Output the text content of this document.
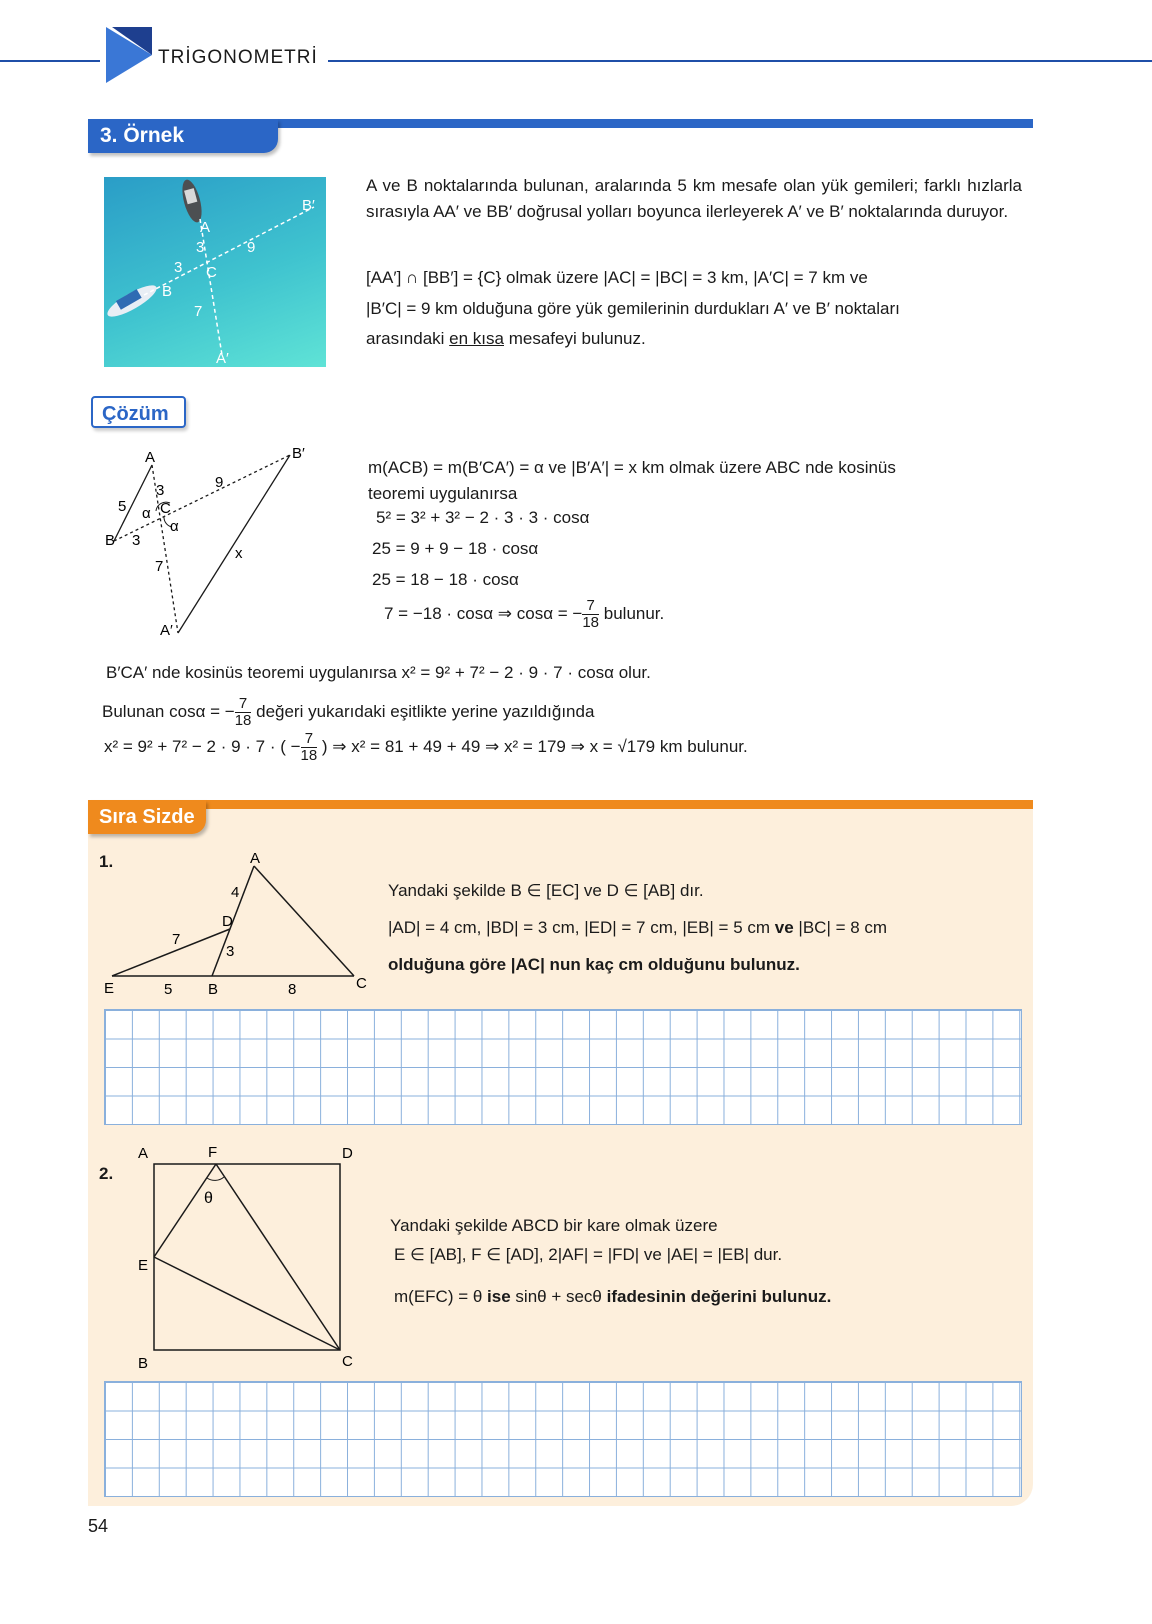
TRİGONOMETRİ
3. Örnek
A
3	9
3 C
B
7
A′
B′
A ve B noktalarında bulunan, aralarında 5 km mesafe olan yük gemileri; farklı hızlarla sırasıyla AA′ ve BB′ doğrusal yolları boyunca ilerleyerek A′ ve B′ noktalarında duruyor.
[AA′] ∩ [BB′] = {C} olmak üzere |AC| = |BC| = 3 km, |A′C| = 7 km ve
|B′C| = 9 km olduğuna göre yük gemilerinin durdukları A′ ve B′ noktaları
arasındaki en kısa mesafeyi bulunuz.
Çözüm
A
5
3	9
α C
α
B 3
x
7
A′
B′
m(ACB) = m(B′CA′) = α ve |B′A′| = x km olmak üzere ABC nde kosinüs
teoremi uygulanırsa
5² = 3² + 3² − 2 · 3 · 3 · cosα
25 = 9 + 9 − 18 · cosα
25 = 18 − 18 · cosα
7 = −18 · cosα ⇒ cosα = − $\frac{7}{18}$ bulunur.
B′CA′ nde kosinüs teoremi uygulanırsa x² = 9² + 7² − 2 · 9 · 7 · cosα olur.
Bulunan cosα = − $\frac{7}{18}$ değeri yukarıdaki eşitlikte yerine yazıldığında
x² = 9² + 7² − 2 · 9 · 7 · ( − $\frac{7}{18}$ ) ⇒ x² = 81 + 49 + 49 ⇒ x² = 179 ⇒ x = √179 km bulunur.
Sıra Sizde
1.	A
4
D
7
3
E	5 B	8	C
Yandaki şekilde B ∈ [EC] ve D ∈ [AB] dır.
|AD| = 4 cm, |BD| = 3 cm, |ED| = 7 cm, |EB| = 5 cm ve |BC| = 8 cm
olduğuna göre |AC| nun kaç cm olduğunu bulunuz.
2.
A	F	D
θ
E
B	C
Yandaki şekilde ABCD bir kare olmak üzere
E ∈ [AB], F ∈ [AD], 2|AF| = |FD| ve |AE| = |EB| dur.
m(EFC) = θ ise sinθ + secθ ifadesinin değerini bulunuz.
54
